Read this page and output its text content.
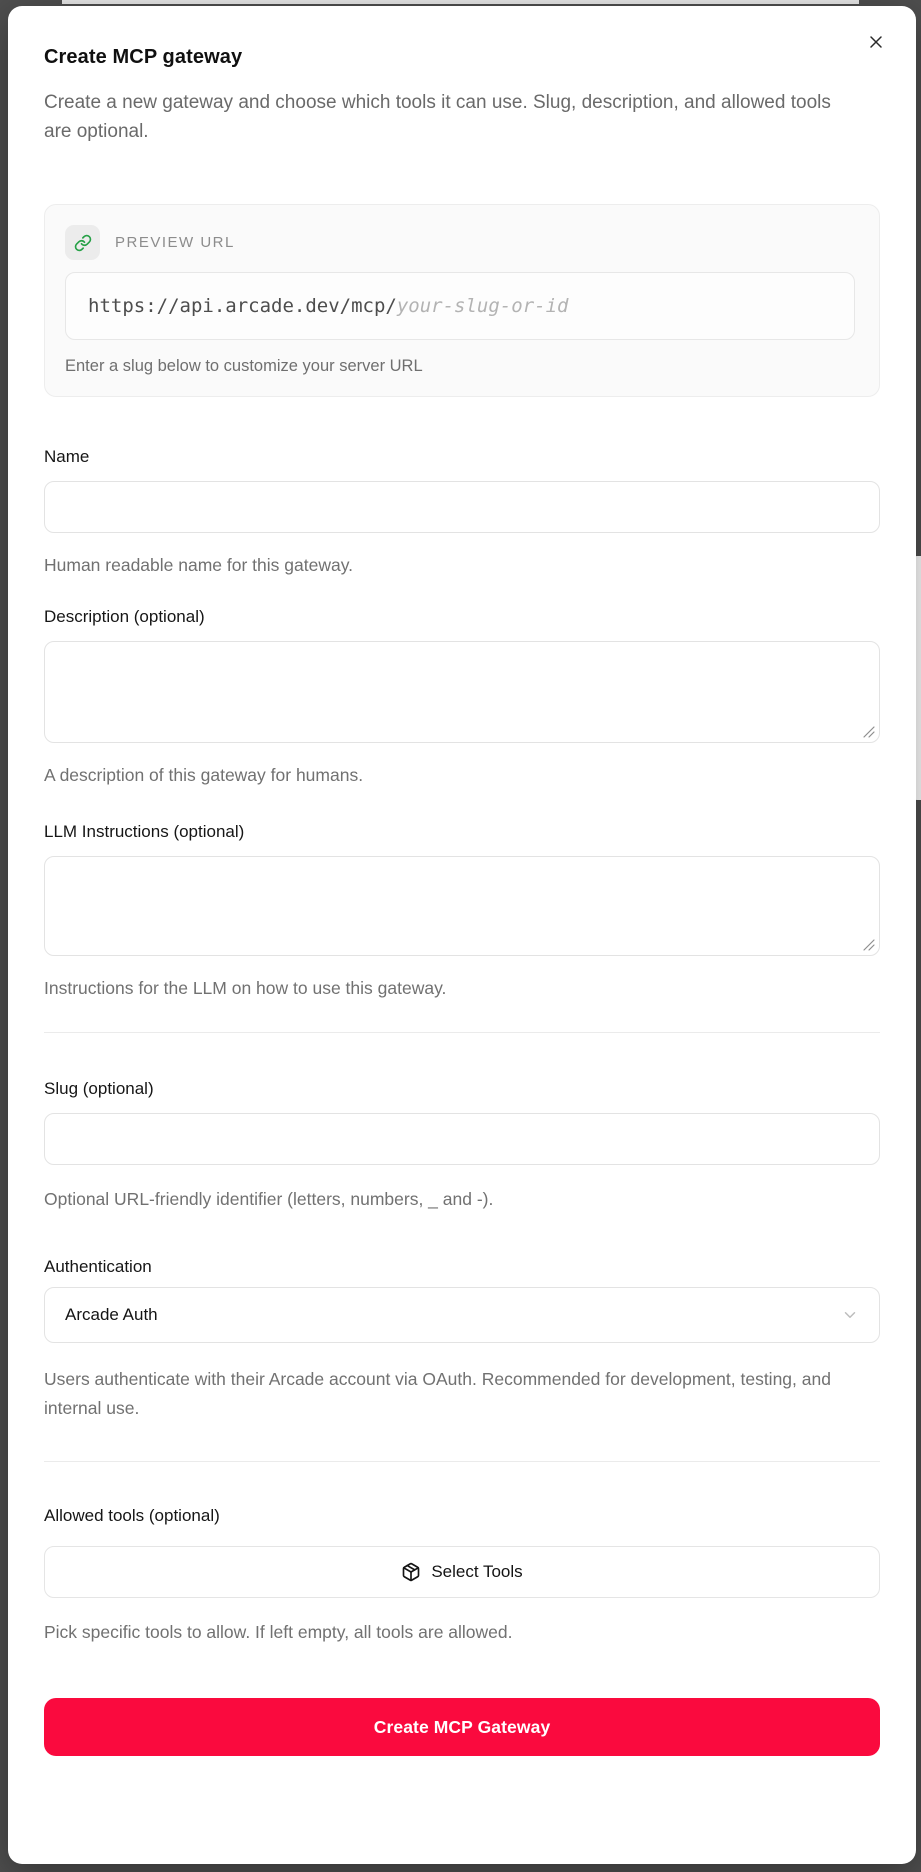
Create MCP gateway

Create a new gateway and choose which tools it can use. Slug, description, and allowed tools are optional.

PREVIEW URL
https://api.arcade.dev/mcp/ your-slug-or-id
Enter a slug below to customize your server URL
Name
Human readable name for this gateway.
Description (optional)
A description of this gateway for humans.
LLM Instructions (optional)
Instructions for the LLM on how to use this gateway.
Slug (optional)
Optional URL-friendly identifier (letters, numbers, _ and -).
Authentication
Arcade Auth
Users authenticate with their Arcade account via OAuth. Recommended for development, testing, and internal use.
Allowed tools (optional)
Select Tools
Pick specific tools to allow. If left empty, all tools are allowed.
Create MCP Gateway
